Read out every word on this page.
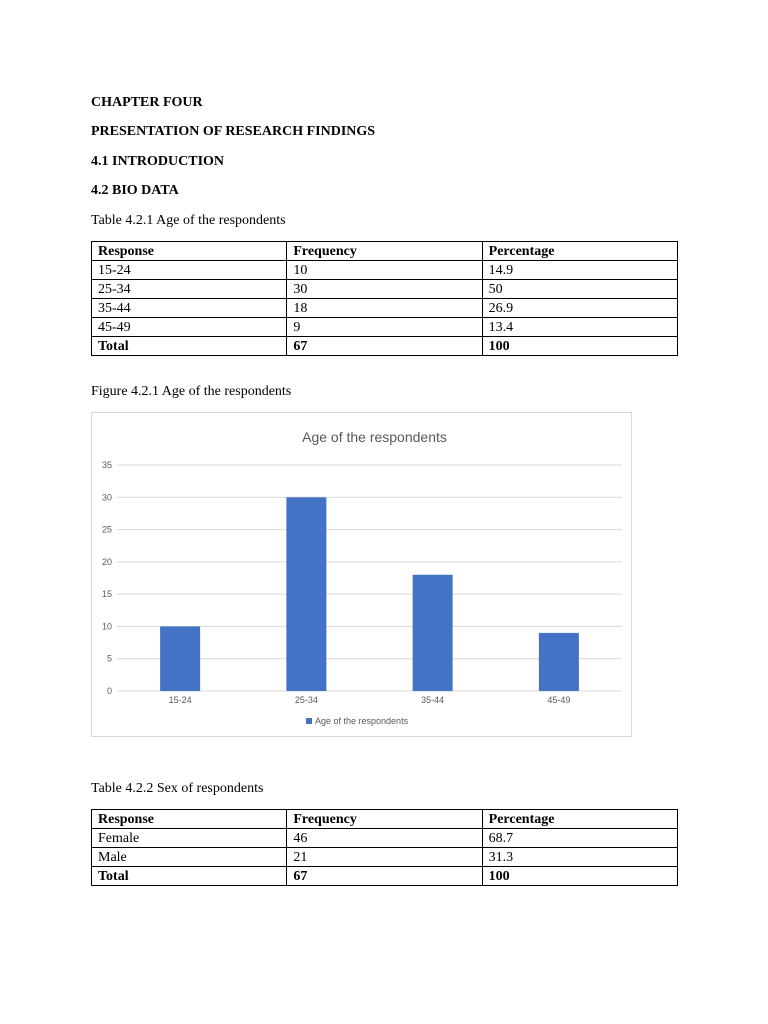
CHAPTER FOUR
PRESENTATION OF RESEARCH FINDINGS
4.1 INTRODUCTION
4.2 BIO DATA
Table 4.2.1 Age of the respondents
Response	Frequency	Percentage
15-24	10	14.9
25-34	30	50
35-44	18	26.9
45-49	9	13.4
Total	67	100
Figure 4.2.1 Age of the respondents
Age of the respondents
0
5
10
15
20
25
30
35
15-24	25-34	35-44	45-49
Age of the respondents
Table 4.2.2 Sex of respondents
Response	Frequency	Percentage
Female	46	68.7
Male	21	31.3
Total	67	100
